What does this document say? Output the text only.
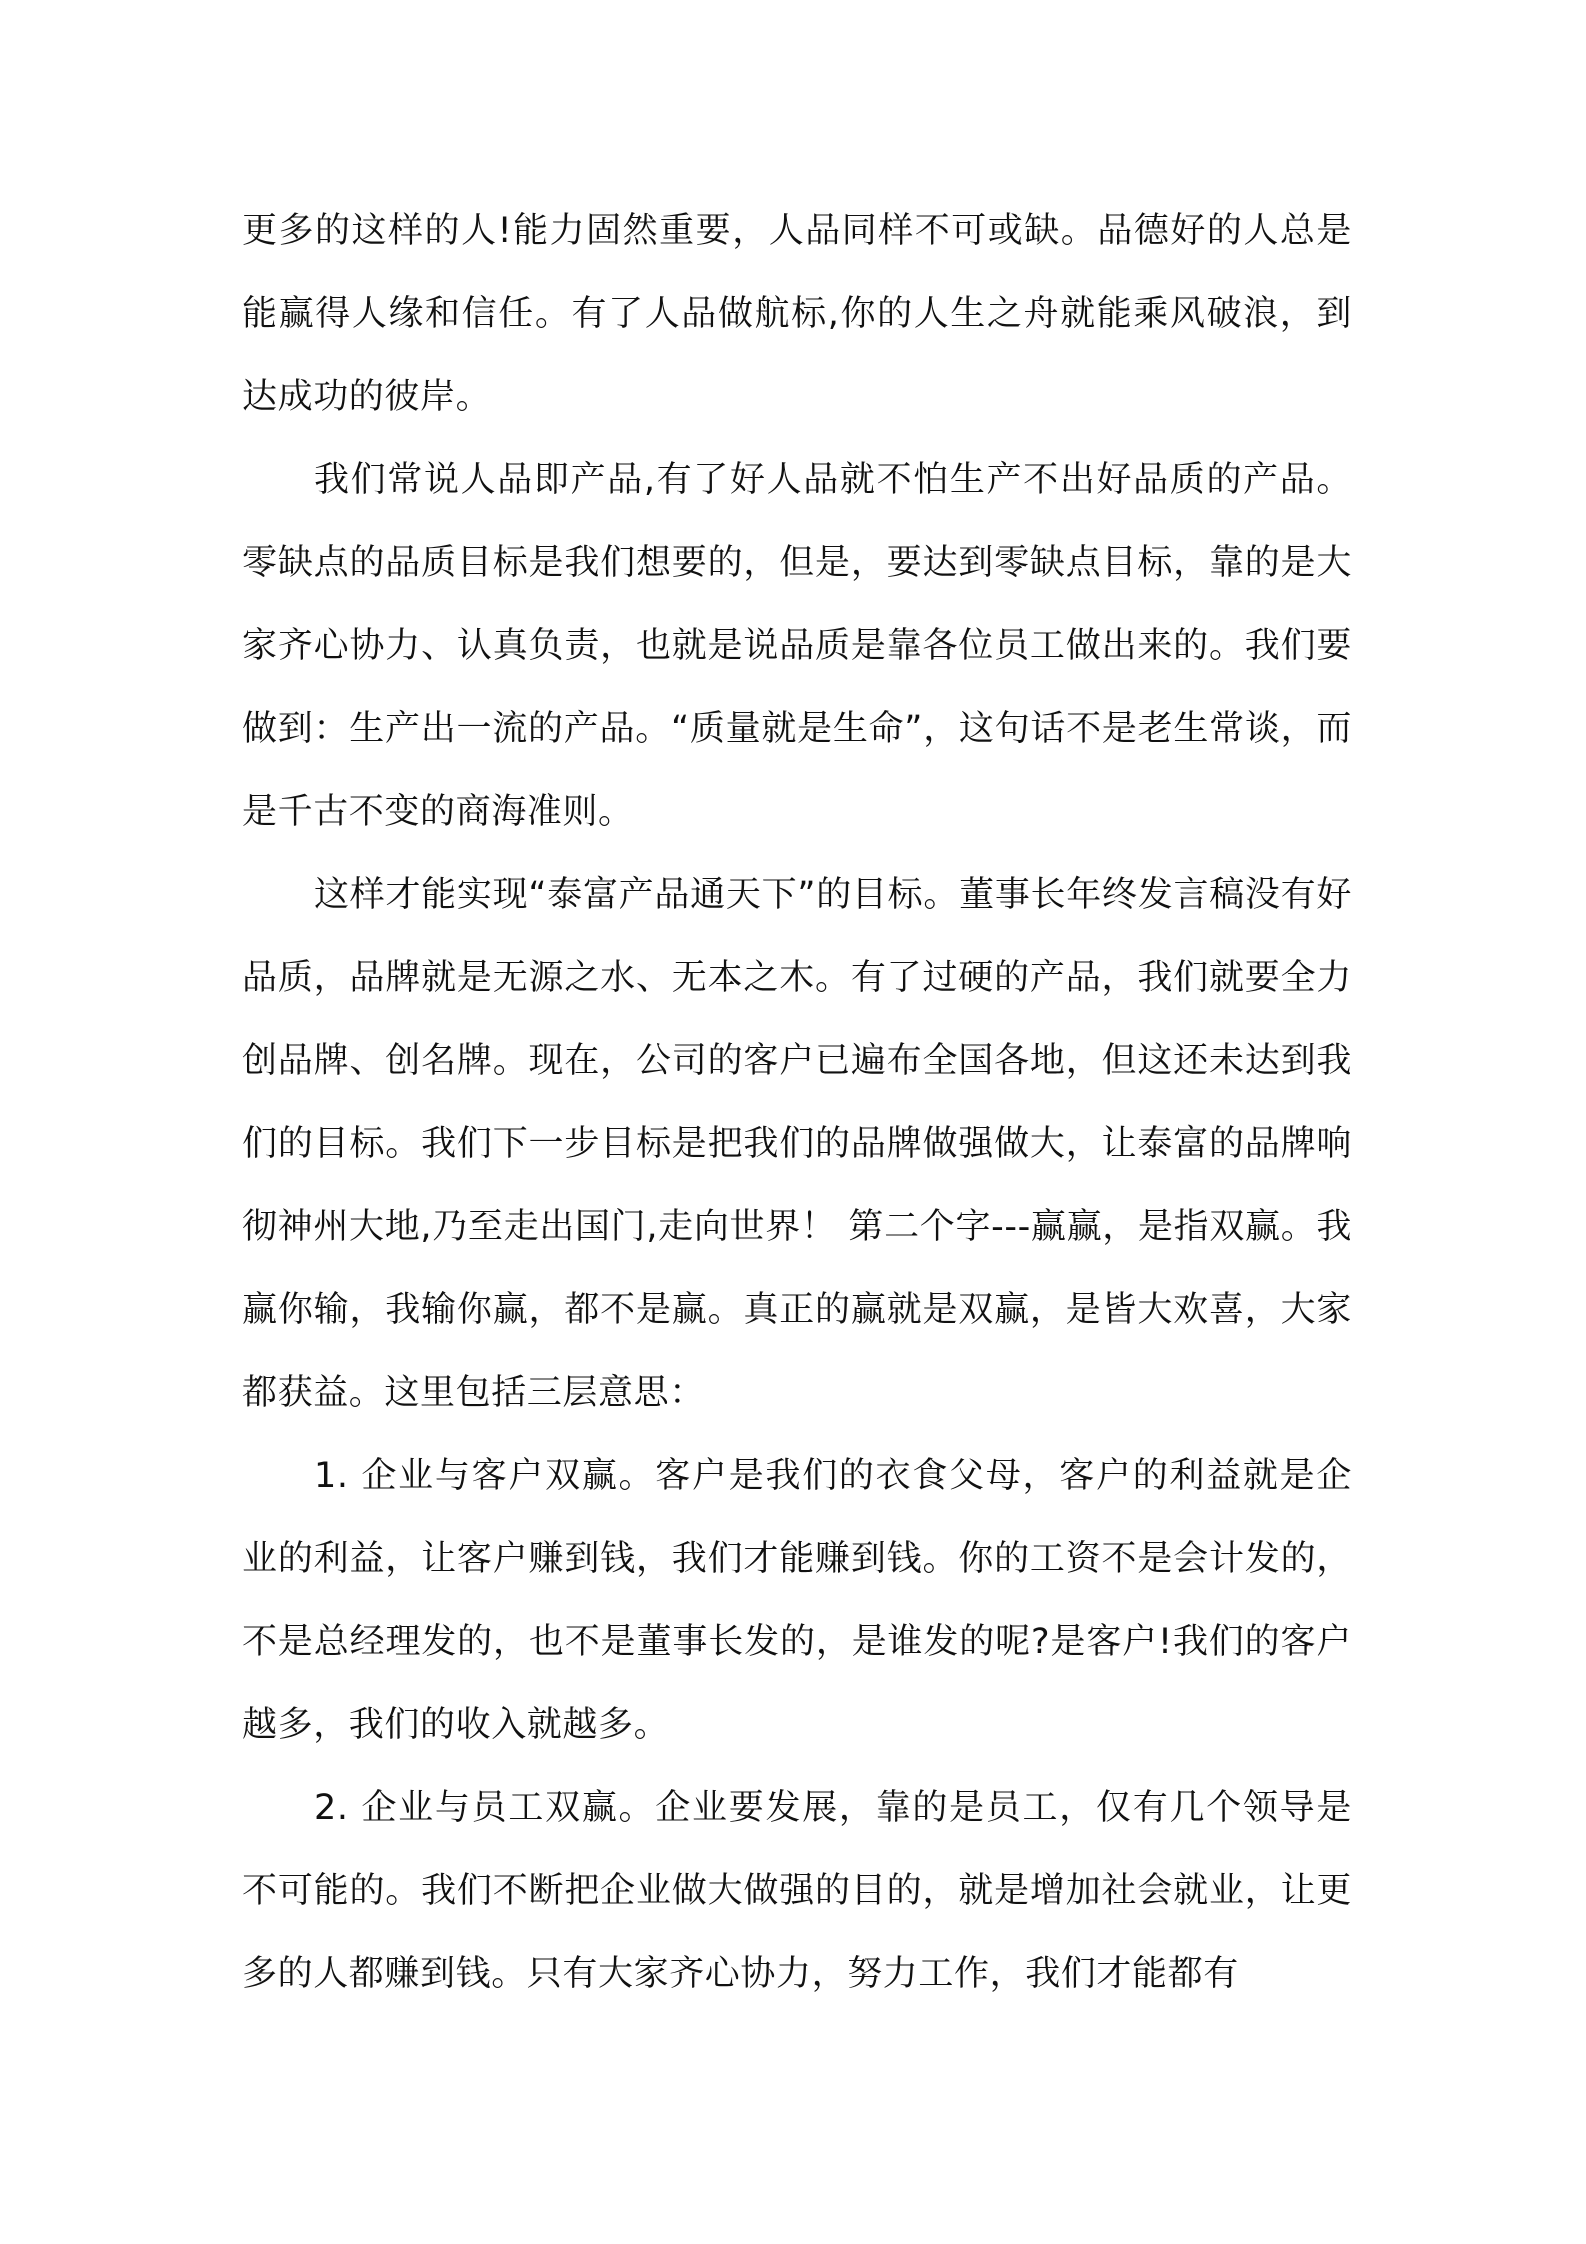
更多的这样的人!能力固然重要，人品同样不可或缺。品德好的人总是能赢得人缘和信任。有了人品做航标,你的人生之舟就能乘风破浪，到达成功的彼岸。

我们常说人品即产品,有了好人品就不怕生产不出好品质的产品。零缺点的品质目标是我们想要的，但是，要达到零缺点目标，靠的是大家齐心协力、认真负责，也就是说品质是靠各位员工做出来的。我们要做到：生产出一流的产品。“质量就是生命”，这句话不是老生常谈，而是千古不变的商海准则。

这样才能实现“泰富产品通天下”的目标。董事长年终发言稿没有好品质，品牌就是无源之水、无本之木。有了过硬的产品，我们就要全力创品牌、创名牌。现在，公司的客户已遍布全国各地，但这还未达到我们的目标。我们下一步目标是把我们的品牌做强做大，让泰富的品牌响彻神州大地,乃至走出国门,走向世界！ 第二个字---赢赢，是指双赢。我赢你输，我输你赢，都不是赢。真正的赢就是双赢，是皆大欢喜，大家都获益。这里包括三层意思：

1. 企业与客户双赢。客户是我们的衣食父母，客户的利益就是企业的利益，让客户赚到钱，我们才能赚到钱。你的工资不是会计发的，不是总经理发的，也不是董事长发的，是谁发的呢?是客户!我们的客户越多，我们的收入就越多。

2. 企业与员工双赢。企业要发展，靠的是员工，仅有几个领导是不可能的。我们不断把企业做大做强的目的，就是增加社会就业，让更多的人都赚到钱。只有大家齐心协力，努力工作，我们才能都有
